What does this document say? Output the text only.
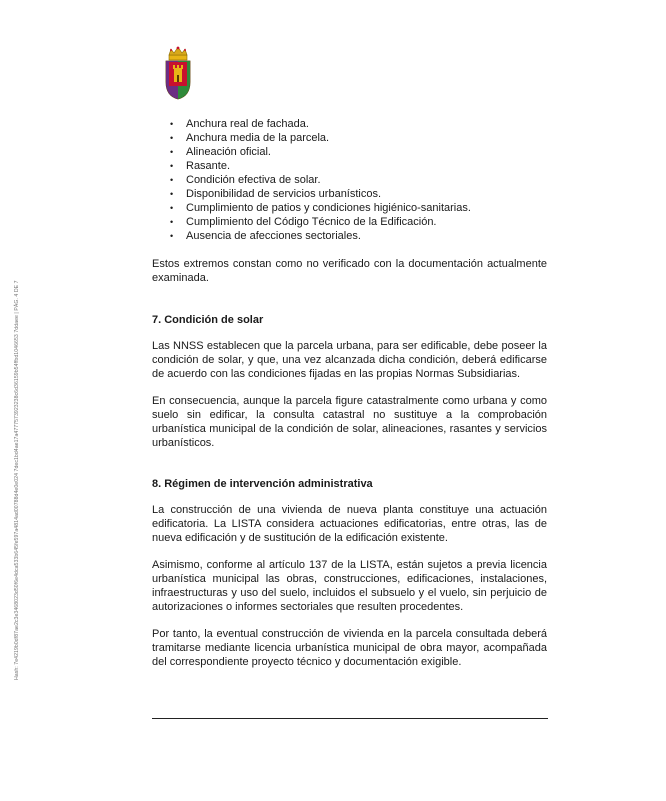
Hash: 7e4219b0df87ae2c3e3468023d50f6e4dca533b645fe597a4814ad00788d4e0e024 7dec1bd4ae17a4777573923238c6d36159b54ffbd1046653 7ddaee | PÁG. 4 DE 7
• Anchura real de fachada.
• Anchura media de la parcela.
• Alineación oficial.
• Rasante.
• Condición efectiva de solar.
• Disponibilidad de servicios urbanísticos.
• Cumplimiento de patios y condiciones higiénico-sanitarias.
• Cumplimiento del Código Técnico de la Edificación.
• Ausencia de afecciones sectoriales.

Estos extremos constan como no verificado con la documentación actualmente examinada.

7. Condición de solar

Las NNSS establecen que la parcela urbana, para ser edificable, debe poseer la condición de solar, y que, una vez alcanzada dicha condición, deberá edificarse de acuerdo con las condiciones fijadas en las propias Normas Subsidiarias.

En consecuencia, aunque la parcela figure catastralmente como urbana y como suelo sin edificar, la consulta catastral no sustituye a la comprobación urbanística municipal de la condición de solar, alineaciones, rasantes y servicios urbanísticos.

8. Régimen de intervención administrativa

La construcción de una vivienda de nueva planta constituye una actuación edificatoria. La LISTA considera actuaciones edificatorias, entre otras, las de nueva edificación y de sustitución de la edificación existente.

Asimismo, conforme al artículo 137 de la LISTA, están sujetos a previa licencia urbanística municipal las obras, construcciones, edificaciones, instalaciones, infraestructuras y uso del suelo, incluidos el subsuelo y el vuelo, sin perjuicio de autorizaciones o informes sectoriales que resulten procedentes.

Por tanto, la eventual construcción de vivienda en la parcela consultada deberá tramitarse mediante licencia urbanística municipal de obra mayor, acompañada del correspondiente proyecto técnico y documentación exigible.
